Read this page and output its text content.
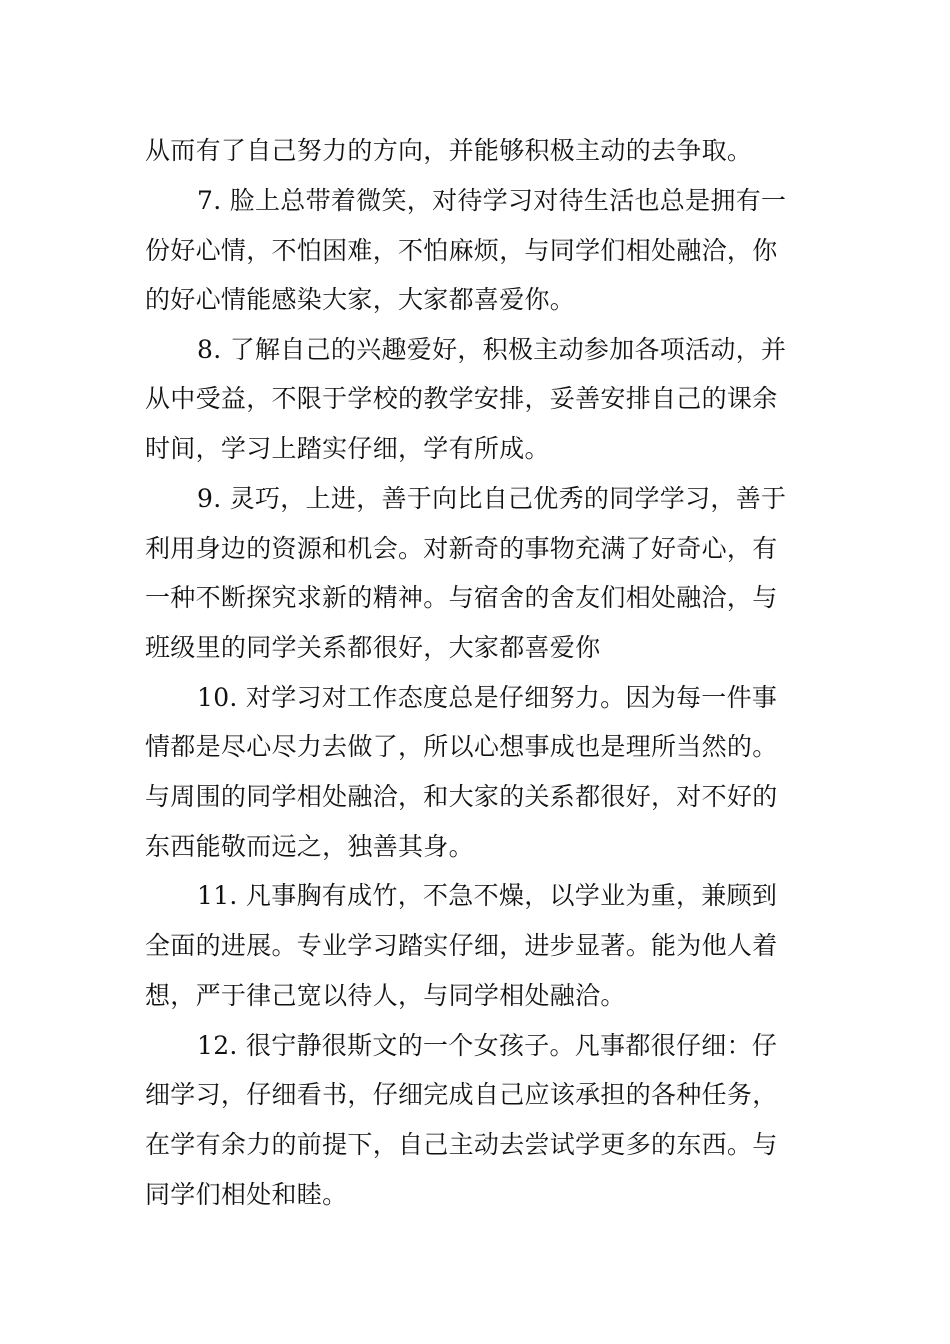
从而有了自己努力的方向，并能够积极主动的去争取。
7. 脸上总带着微笑，对待学习对待生活也总是拥有一
份好心情，不怕困难，不怕麻烦，与同学们相处融洽，你
的好心情能感染大家，大家都喜爱你。
8. 了解自己的兴趣爱好，积极主动参加各项活动，并
从中受益，不限于学校的教学安排，妥善安排自己的课余
时间，学习上踏实仔细，学有所成。
9. 灵巧，上进，善于向比自己优秀的同学学习，善于
利用身边的资源和机会。对新奇的事物充满了好奇心，有
一种不断探究求新的精神。与宿舍的舍友们相处融洽，与
班级里的同学关系都很好，大家都喜爱你
10. 对学习对工作态度总是仔细努力。因为每一件事
情都是尽心尽力去做了，所以心想事成也是理所当然的。
与周围的同学相处融洽，和大家的关系都很好，对不好的
东西能敬而远之，独善其身。
11. 凡事胸有成竹，不急不燥，以学业为重，兼顾到
全面的进展。专业学习踏实仔细，进步显著。能为他人着
想，严于律己宽以待人，与同学相处融洽。
12. 很宁静很斯文的一个女孩子。凡事都很仔细：仔
细学习，仔细看书，仔细完成自己应该承担的各种任务，
在学有余力的前提下，自己主动去尝试学更多的东西。与
同学们相处和睦。
